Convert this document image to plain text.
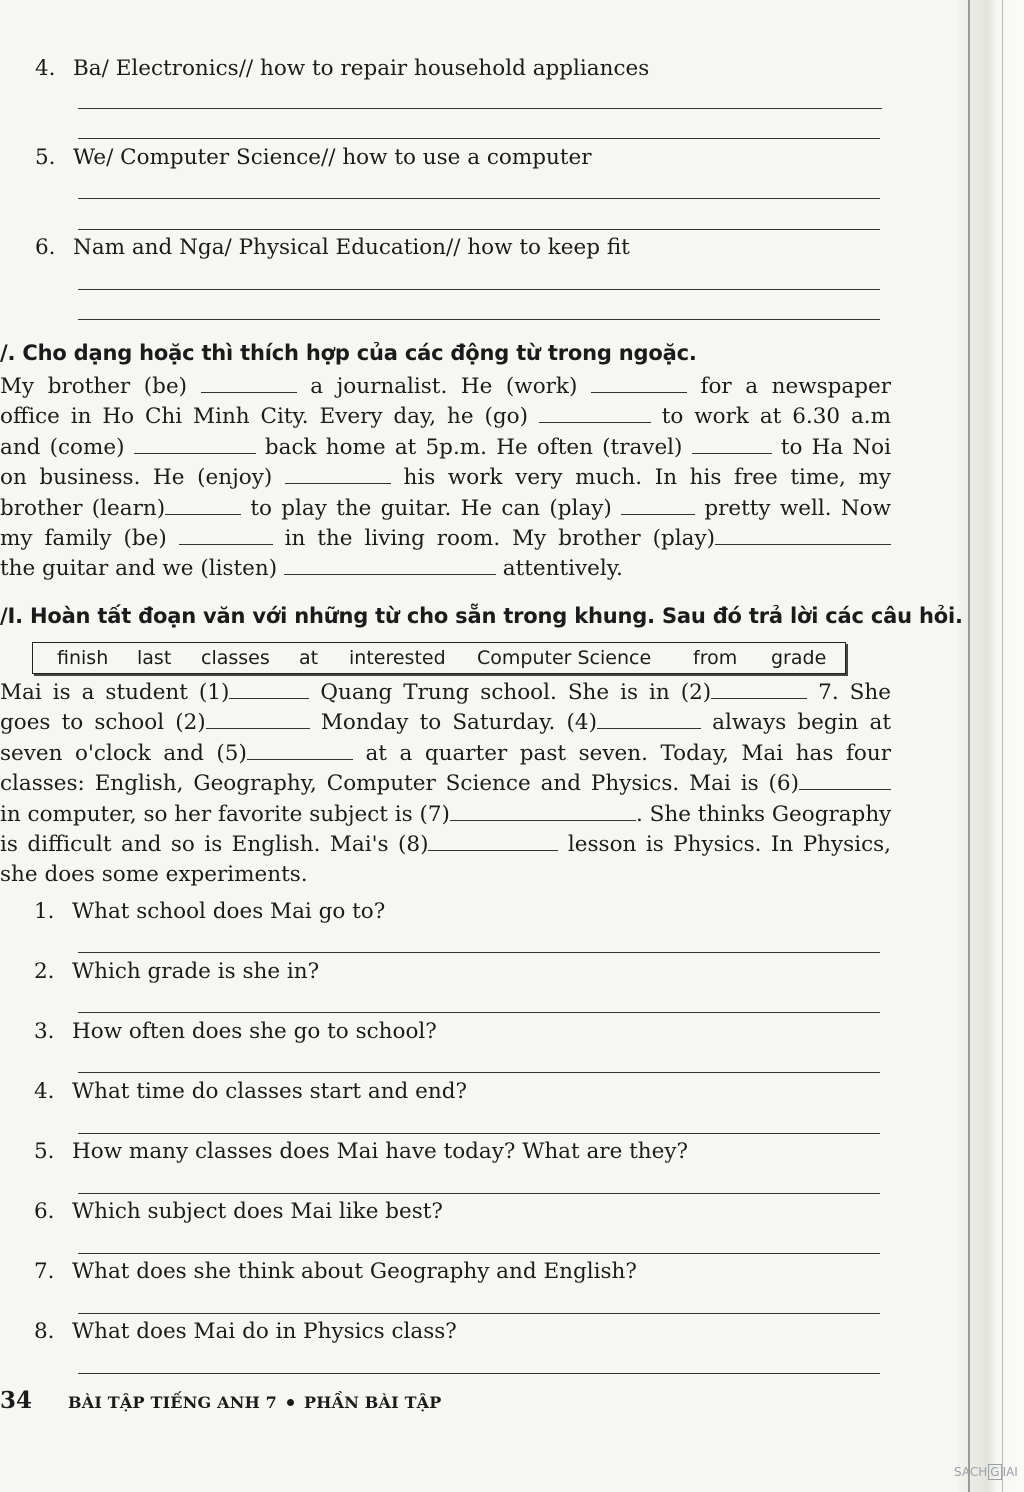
4. Ba/ Electronics// how to repair household appliances
5. We/ Computer Science// how to use a computer
6. Nam and Nga/ Physical Education// how to keep fit
/. Cho dạng hoặc thì thích hợp của các động từ trong ngoặc.
My brother (be)	a journalist. He (work)	for a newspaper
office in Ho Chi Minh City. Every day, he (go)	to work at 6.30 a.m
and (come)	back home at 5p.m. He often (travel)	to Ha Noi
on business. He (enjoy)	his work very much. In his free time, my
brother (learn)	to play the guitar. He can (play)	pretty well. Now
my family (be)	in the living room. My brother (play)
the guitar and we (listen)	attentively.
/I. Hoàn tất đoạn văn với những từ cho sẵn trong khung. Sau đó trả lời các câu hỏi.
finish last classes at interested Computer Science from grade
Mai is a student (1)	Quang Trung school. She is in (2)	7. She
goes to school (2)	Monday to Saturday. (4)	always begin at
seven o'clock and (5)	at a quarter past seven. Today, Mai has four
classes: English, Geography, Computer Science and Physics. Mai is (6)
in computer, so her favorite subject is (7)	. She thinks Geography
is difficult and so is English. Mai's (8)	lesson is Physics. In Physics,
she does some experiments.
1. What school does Mai go to?
2. Which grade is she in?
3. How often does she go to school?
4. What time do classes start and end?
5. How many classes does Mai have today? What are they?
6. Which subject does Mai like best?
7. What does she think about Geography and English?
8. What does Mai do in Physics class?
34 BÀI TẬP TIẾNG ANH 7 PHẦN BÀI TẬP
SACH G IAI
